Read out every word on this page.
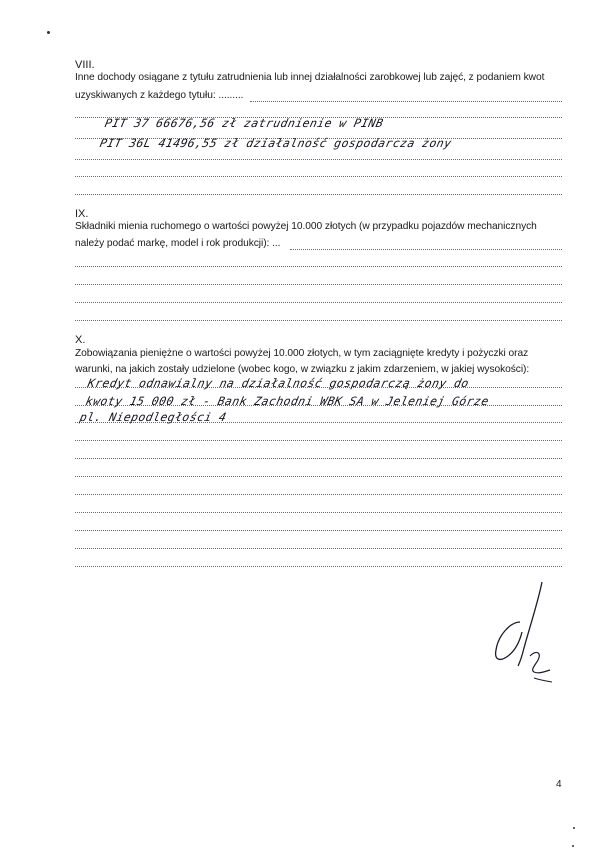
VIII.
Inne dochody osiągane z tytułu zatrudnienia lub innej działalności zarobkowej lub zajęć, z podaniem kwot
uzyskiwanych z każdego tytułu: .........
PIT 37 66676,56 zł zatrudnienie w PINB
PIT 36L 41496,55 zł działalność gospodarcza żony
IX.
Składniki mienia ruchomego o wartości powyżej 10.000 złotych (w przypadku pojazdów mechanicznych
należy podać markę, model i rok produkcji): ...
X.
Zobowiązania pieniężne o wartości powyżej 10.000 złotych, w tym zaciągnięte kredyty i pożyczki oraz
warunki, na jakich zostały udzielone (wobec kogo, w związku z jakim zdarzeniem, w jakiej wysokości):
Kredyt odnawialny na działalność gospodarczą żony do
kwoty 15 000 zł - Bank Zachodni WBK SA w Jeleniej Górze
pl. Niepodległości 4
4
